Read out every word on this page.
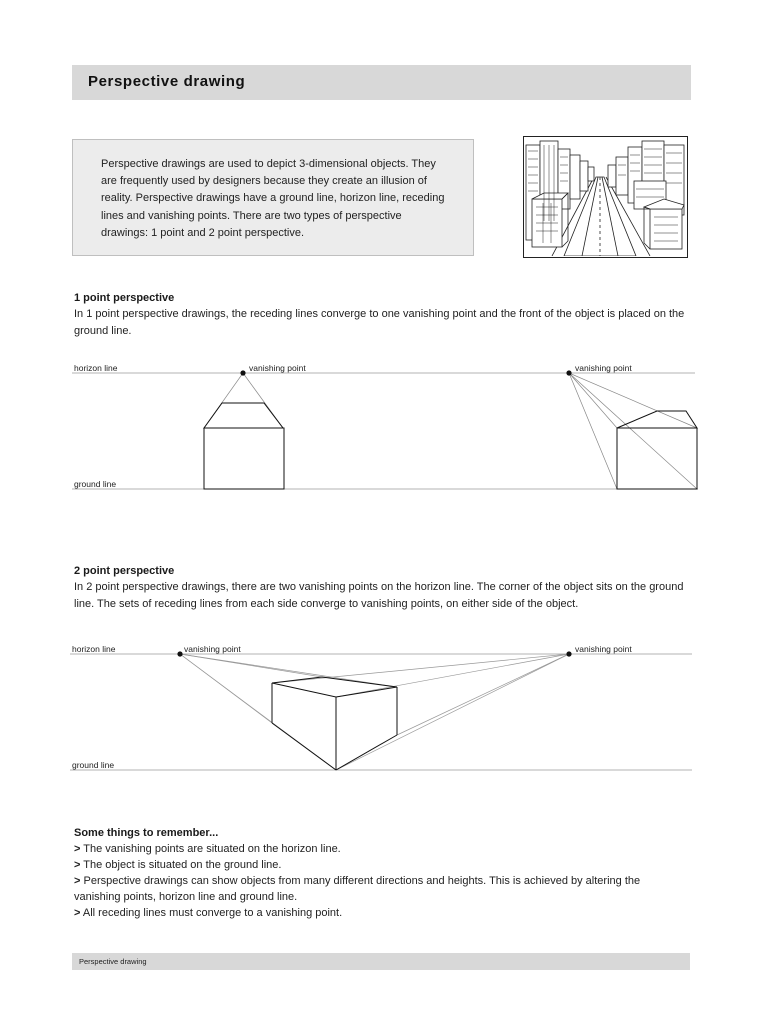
Perspective drawing

Perspective drawings are used to depict 3-dimensional objects. They are frequently used by designers because they create an illusion of reality. Perspective drawings have a ground line, horizon line, receding lines and vanishing points. There are two types of perspective drawings: 1 point and 2 point perspective.

1 point perspective

In 1 point perspective drawings, the receding lines converge to one vanishing point and the front of the object is placed on the ground line.

horizon line
ground line
vanishing point	vanishing point
2 point perspective

In 2 point perspective drawings, there are two vanishing points on the horizon line. The corner of the object sits on the ground line. The sets of receding lines from each side converge to vanishing points, on either side of the object.

horizon line
ground line
vanishing point	vanishing point
Some things to remember...
> The vanishing points are situated on the horizon line.
> The object is situated on the ground line.
> Perspective drawings can show objects from many different directions and heights. This is achieved by altering the vanishing points, horizon line and ground line.
> All receding lines must converge to a vanishing point.
Perspective drawing
